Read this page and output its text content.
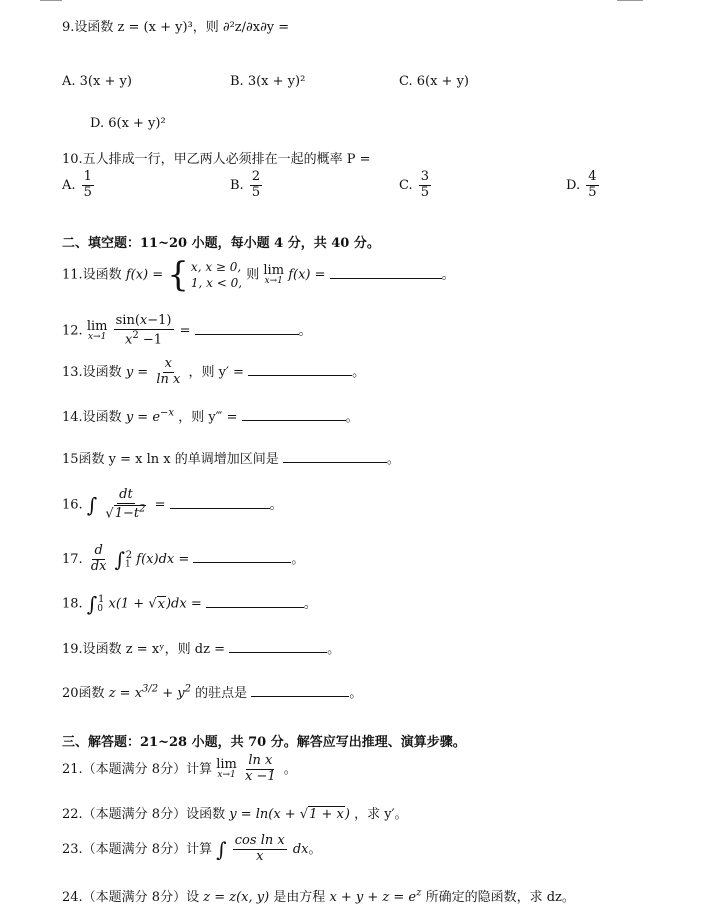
9.设函数 z = (x + y)³，则 ∂²z/∂x∂y =
A. 3(x + y)	B. 3(x + y)²	C. 6(x + y)
D. 6(x + y)²
10.五人排成一行，甲乙两人必须排在一起的概率 P =
A. $\frac{1}{5}$	B. $\frac{2}{5}$	C. $\frac{3}{5}$	D. $\frac{4}{5}$
二、填空题：11~20 小题，每小题 4 分，共 40 分。
11.设函数 f(x) = { x, x ≥ 0,
1, x < 0,
则 lim
x→1 f(x) =	。
12. lim
x→1
$\frac{\sin(x-1)}{x^2 -1}$ =	。
13.设函数 $y = \frac{x}{\text{ln x}}$ ，则 y′ =	。
14.设函数 $y = e^{-x}$ ，则 y‴ =	。
15函数 y = x ln x 的单调增加区间是	。
16. ∫ $\frac{dt}{√1-t^2}$ =	。
17. $\frac{d}{dx} \int_1^2$ f(x)dx =	。
18. $\int_0^1$ x(1 + √x)dx =	。
19.设函数 z = xʸ，则 dz =	。
20函数 $z = x^{3/2} + y^2$ 的驻点是	。
三、解答题：21~28 小题，共 70 分。解答应写出推理、演算步骤。
21.（本题满分 8分）计算 lim
x→1
$\frac{\text{ln x}}{x -1}$ 。
22.（本题满分 8分）设函数 y = ln(x + √1 + x) ，求 y′。
23.（本题满分 8分）计算 ∫ $\frac{\text{cos ln x}}{x}$ dx。
24.（本题满分 8分）设 z = z(x, y) 是由方程 $x + y + z = e^z$ 所确定的隐函数，求 dz。
